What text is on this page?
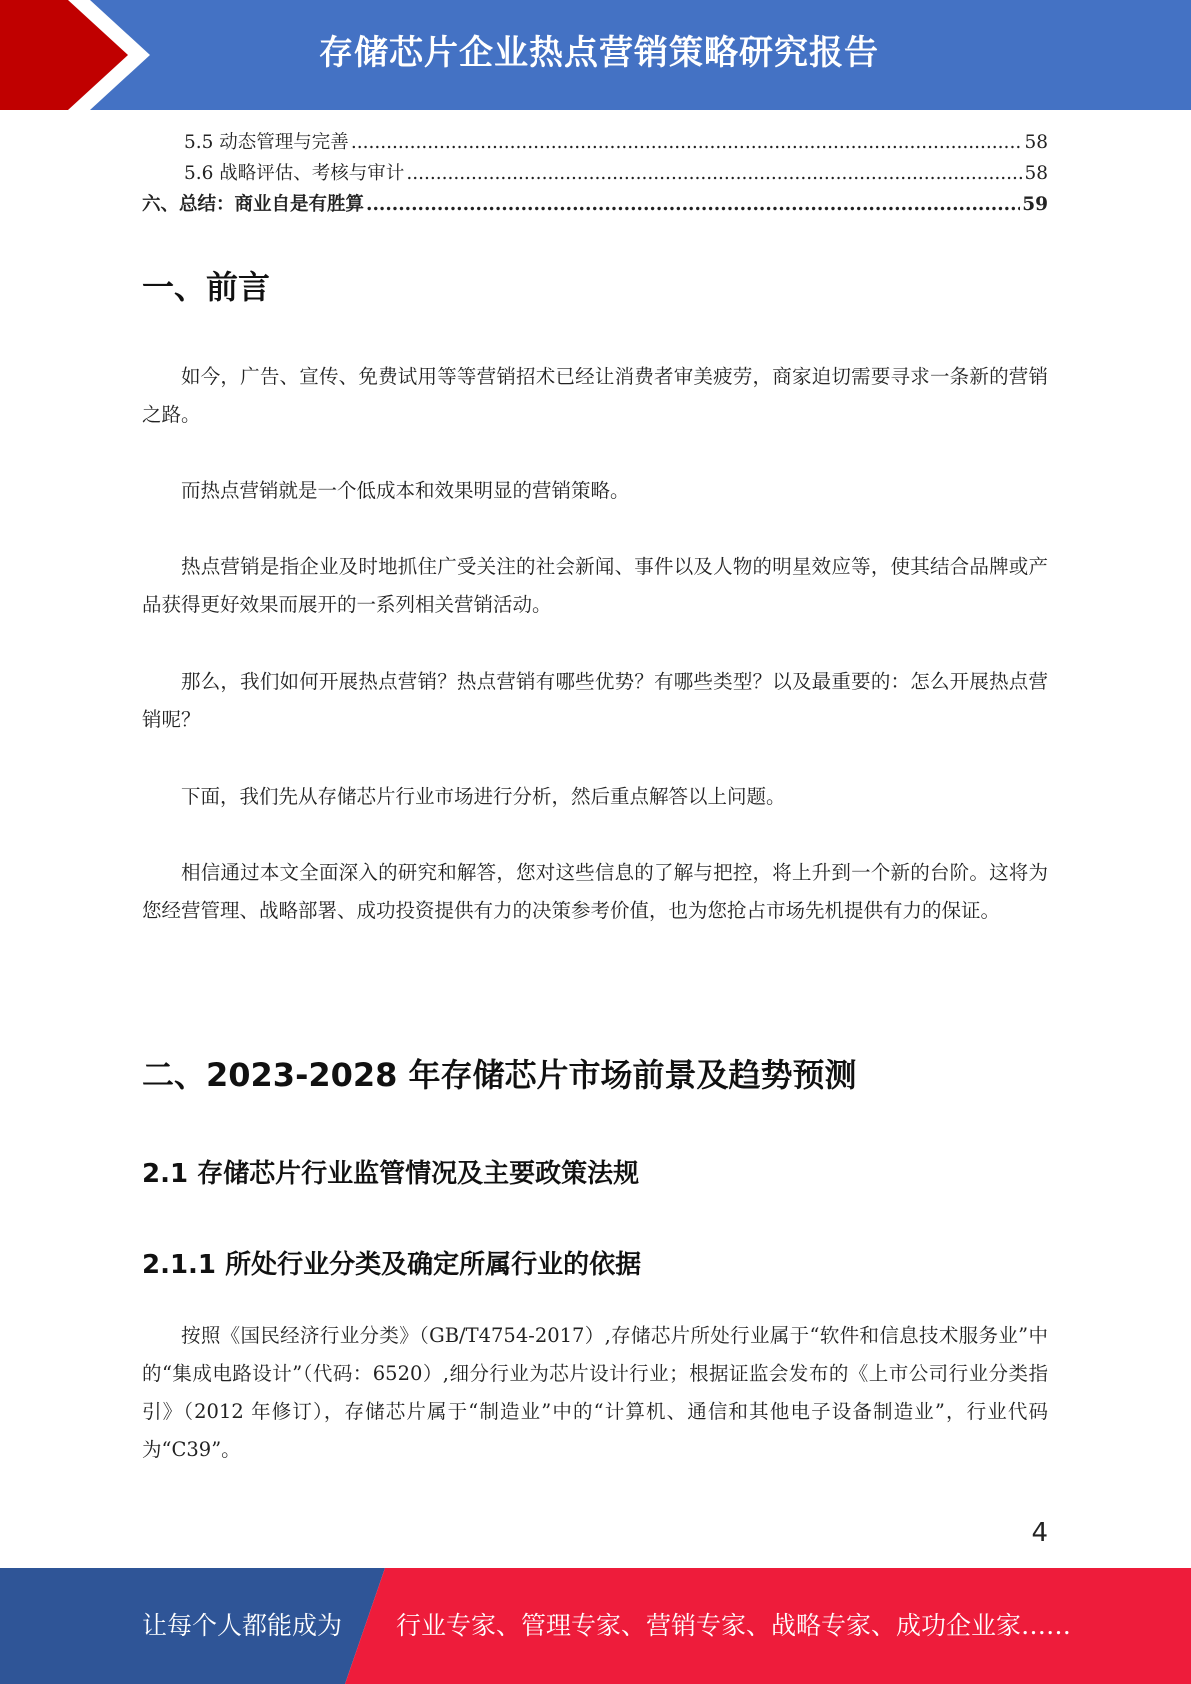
存储芯片企业热点营销策略研究报告
5.5 动态管理与完善 .....	58
5.6 战略评估、考核与审计 .....	58
六、总结：商业自是有胜算 .....	59
一、前言
如今，广告、宣传、免费试用等等营销招术已经让消费者审美疲劳，商家迫切需要寻求一条新的营销之路。
而热点营销就是一个低成本和效果明显的营销策略。
热点营销是指企业及时地抓住广受关注的社会新闻、事件以及人物的明星效应等，使其结合品牌或产品获得更好效果而展开的一系列相关营销活动。
那么，我们如何开展热点营销？热点营销有哪些优势？有哪些类型？以及最重要的：怎么开展热点营销呢？
下面，我们先从存储芯片行业市场进行分析，然后重点解答以上问题。
相信通过本文全面深入的研究和解答，您对这些信息的了解与把控，将上升到一个新的台阶。这将为您经营管理、战略部署、成功投资提供有力的决策参考价值，也为您抢占市场先机提供有力的保证。
二、2023-2028 年存储芯片市场前景及趋势预测
2.1 存储芯片行业监管情况及主要政策法规
2.1.1 所处行业分类及确定所属行业的依据
按照《国民经济行业分类》（GB/T4754-2017）,存储芯片所处行业属于“软件和信息技术服务业”中的“集成电路设计”（代码：6520）,细分行业为芯片设计行业；根据证监会发布的《上市公司行业分类指引》（2012 年修订），存储芯片属于“制造业”中的“计算机、通信和其他电子设备制造业”，行业代码为“C39”。
4
让每个人都能成为 行业专家、管理专家、营销专家、战略专家、成功企业家……
